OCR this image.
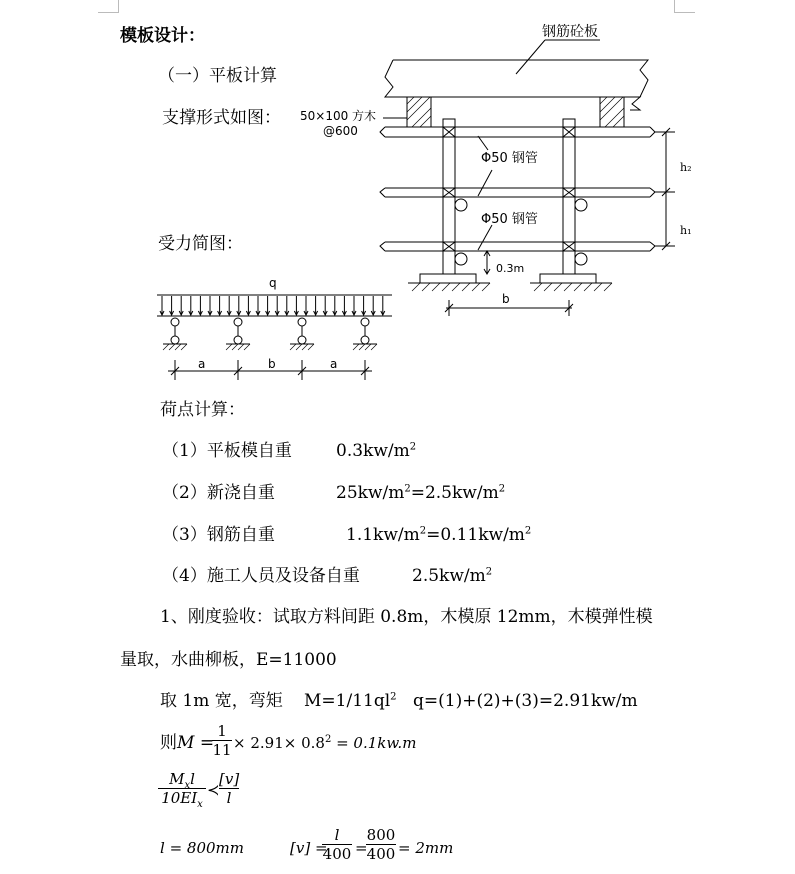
模板设计：
（一）平板计算
支撑形式如图：
受力简图：
钢筋砼板
50×100 方木
@600
Φ50 钢管
Φ50 钢管
h₂
h₁
0.3m
b
q
a	b	a
荷点计算：
（1）平板模自重	$0.3kw/m^2$
（2）新浇自重	$25kw/m^2=2.5kw/m^2$
（3）钢筋自重	$1.1kw/m^2=0.11kw/m^2$
（4）施工人员及设备自重	$2.5kw/m^2$
1、刚度验收：试取方料间距 0.8m，木模原 12mm，木模弹性模
量取，水曲柳板，E=11000
取 1m 宽，弯矩 $M=1/11ql^2$ q=(1)+(2)+(3)=2.91kw/m
则M =
$\frac{1}{11} \times 2.91\times 0.8^2 = 0.1kw.m$
$M_xl$
$10EI_x$
≺ $\frac{[v]}{l}$
l = 800mm	[v] =
$\frac{l}{400}$ =
$\frac{800}{400} = 2mm$
